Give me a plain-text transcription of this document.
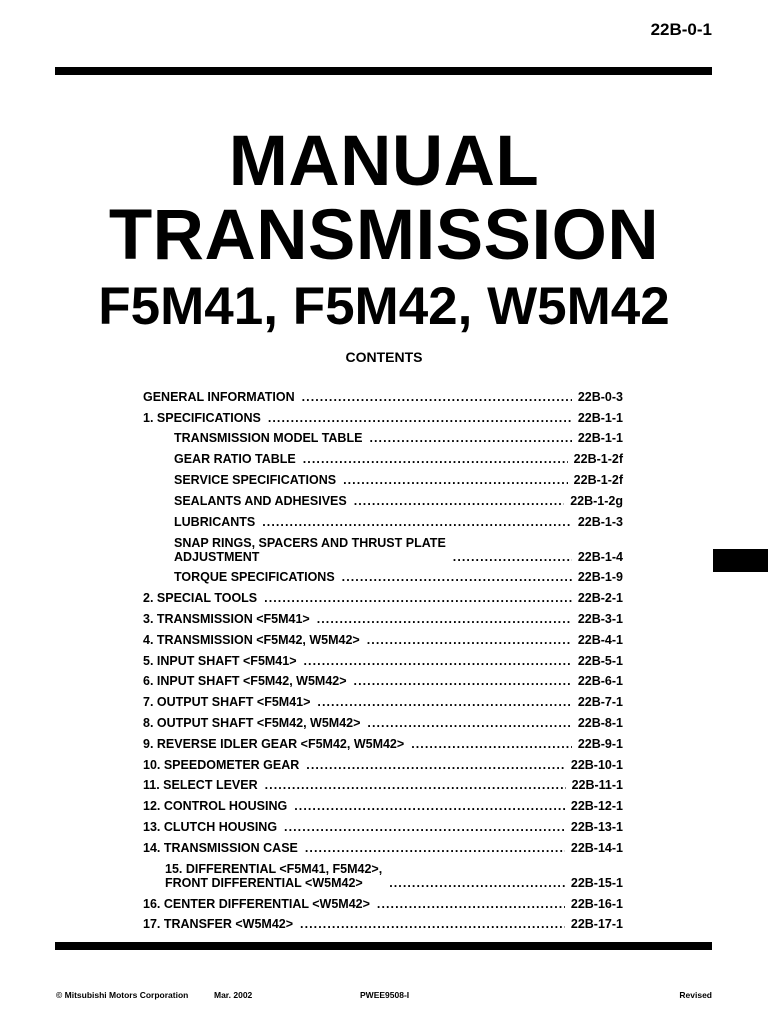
22B-0-1
MANUAL
TRANSMISSION
F5M41, F5M42, W5M42
CONTENTS
GENERAL INFORMATION . . .	22B-0-3
1. SPECIFICATIONS . . .	22B-1-1
TRANSMISSION MODEL TABLE . . .	22B-1-1
GEAR RATIO TABLE . . .	22B-1-2f
SERVICE SPECIFICATIONS . . .	22B-1-2f
SEALANTS AND ADHESIVES . . .	22B-1-2g
LUBRICANTS . . .	22B-1-3
SNAP RINGS, SPACERS AND THRUST PLATE
ADJUSTMENT . . .	22B-1-4
TORQUE SPECIFICATIONS . . .	22B-1-9
2. SPECIAL TOOLS . . .	22B-2-1
3. TRANSMISSION <F5M41> . . .	22B-3-1
4. TRANSMISSION <F5M42, W5M42> . . .	22B-4-1
5. INPUT SHAFT <F5M41> . . .	22B-5-1
6. INPUT SHAFT <F5M42, W5M42> . . .	22B-6-1
7. OUTPUT SHAFT <F5M41> . . .	22B-7-1
8. OUTPUT SHAFT <F5M42, W5M42> . . .	22B-8-1
9. REVERSE IDLER GEAR <F5M42, W5M42> . . .	22B-9-1
10. SPEEDOMETER GEAR . . .	22B-10-1
11. SELECT LEVER . . .	22B-11-1
12. CONTROL HOUSING . . .	22B-12-1
13. CLUTCH HOUSING . . .	22B-13-1
14. TRANSMISSION CASE . . .	22B-14-1
15. DIFFERENTIAL <F5M41, F5M42>,
FRONT DIFFERENTIAL <W5M42> . . .	22B-15-1
16. CENTER DIFFERENTIAL <W5M42> . . .	22B-16-1
17. TRANSFER <W5M42> . . .	22B-17-1
© Mitsubishi Motors Corporation	Mar. 2002	PWEE9508-I	Revised
